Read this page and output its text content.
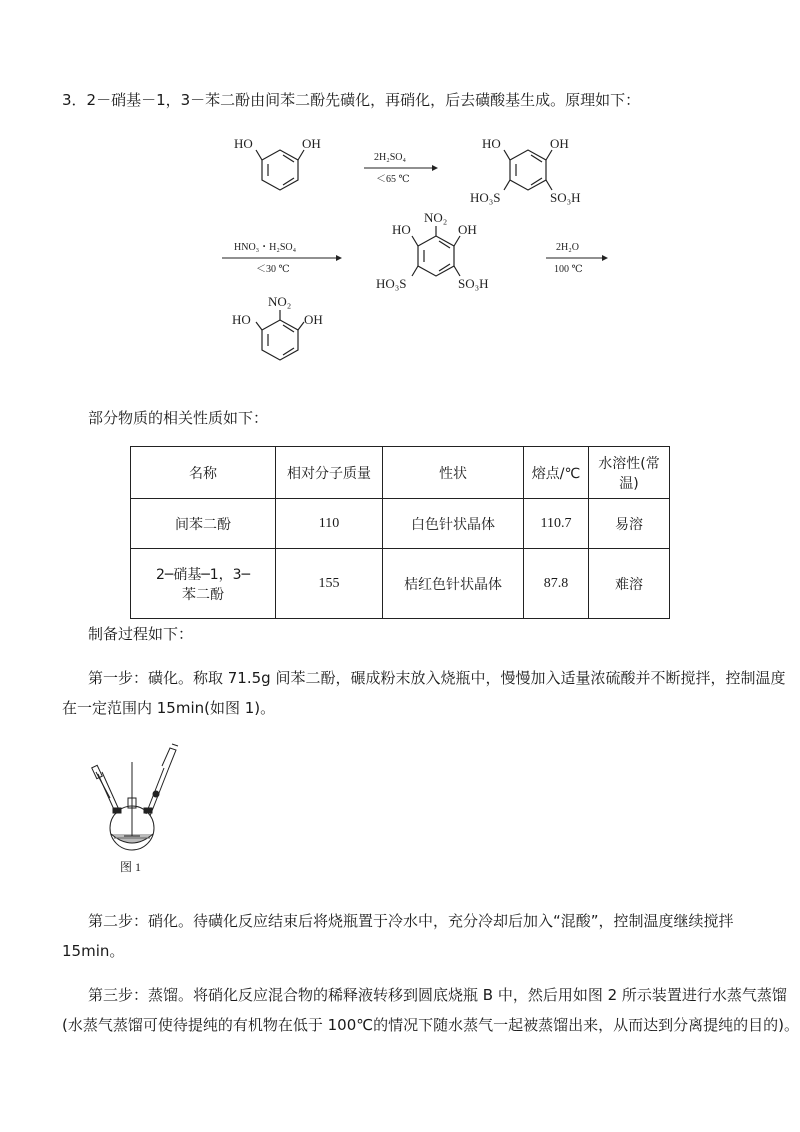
3．2－硝基－1，3－苯二酚由间苯二酚先磺化，再硝化，后去磺酸基生成。原理如下：
HO	OH
2H₂SO₄
＜65 ℃
HO	OH
HO₃S	SO₃H
HNO₃・H₂SO₄
＜30 ℃
NO₂
HO	OH
HO₃S	SO₃H
2H₂O
100 ℃
NO₂
HO	OH
部分物质的相关性质如下：
名称	相对分子质量	性状	熔点/℃	水溶性(常温)
间苯二酚	110	白色针状晶体	110.7	易溶

2─硝基─1，3─
苯二酚	155	桔红色针状晶体	87.8	难溶
制备过程如下：
第一步：磺化。称取 71.5g 间苯二酚，碾成粉末放入烧瓶中，慢慢加入适量浓硫酸并不断搅拌，控制温度
在一定范围内 15min(如图 1)。
图 1
第二步：硝化。待磺化反应结束后将烧瓶置于冷水中，充分冷却后加入“混酸”，控制温度继续搅拌
15min。
第三步：蒸馏。将硝化反应混合物的稀释液转移到圆底烧瓶 B 中，然后用如图 2 所示装置进行水蒸气蒸馏
(水蒸气蒸馏可使待提纯的有机物在低于 100℃的情况下随水蒸气一起被蒸馏出来，从而达到分离提纯的目的)。
